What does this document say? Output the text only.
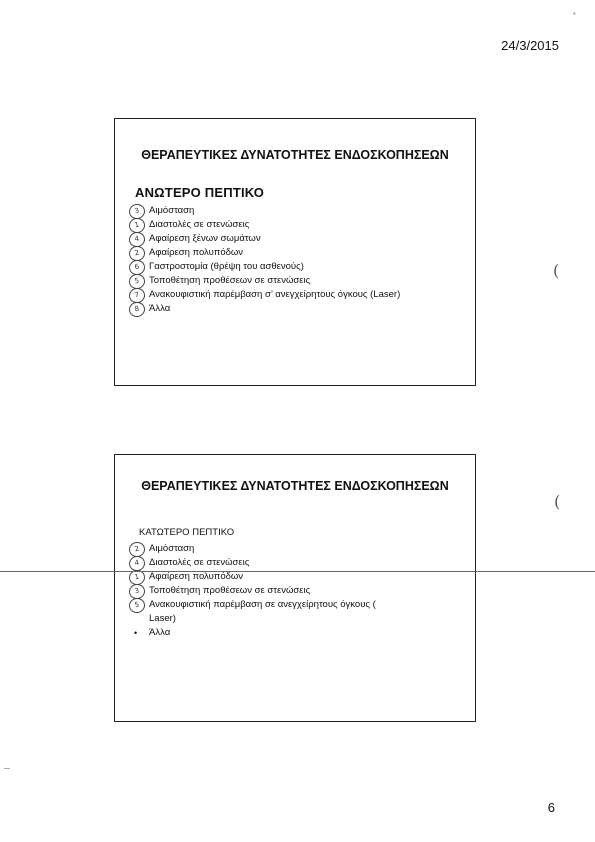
24/3/2015
*
ΘΕΡΑΠΕΥΤΙΚΕΣ ΔΥΝΑΤΟΤΗΤΕΣ ΕΝΔΟΣΚΟΠΗΣΕΩΝ
ΑΝΩΤΕΡΟ ΠΕΠΤΙΚΟ
3 Αιμόσταση
1 Διαστολές σε στενώσεις
4 Αφαίρεση ξένων σωμάτων
2 Αφαίρεση πολυπόδων
6 Γαστροστομία (θρέψη του ασθενούς)
5 Τοποθέτηση προθέσεων σε στενώσεις
7 Ανακουφιστική παρέμβαση σ’ ανεγχείρητους όγκους (Laser)
8 Άλλα
(
ΘΕΡΑΠΕΥΤΙΚΕΣ ΔΥΝΑΤΟΤΗΤΕΣ ΕΝΔΟΣΚΟΠΗΣΕΩΝ
ΚΑΤΩΤΕΡΟ ΠΕΠΤΙΚΟ
2 Αιμόσταση
4 Διαστολές σε στενώσεις
1 Αφαίρεση πολυπόδων
3 Τοποθέτηση προθέσεων σε στενώσεις
5 Ανακουφιστική παρέμβαση σε ανεγχείρητους όγκους ( Laser)
• Άλλα
(
6
